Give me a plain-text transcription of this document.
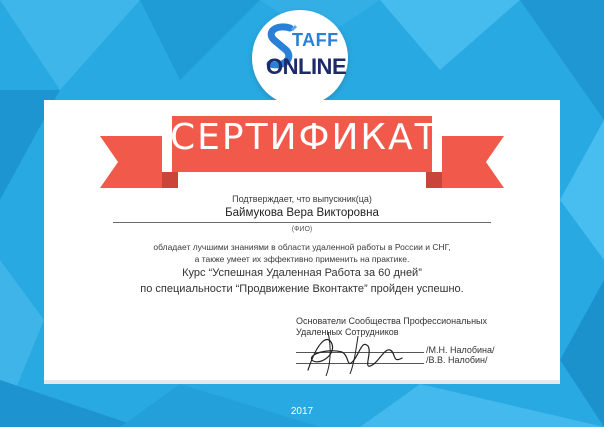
TAFF
ONLINE
СЕРТИФИКАТ
Подтверждает, что выпускник(ца)
Баймукова Вера Викторовна
(ФИО)
обладает лучшими знаниями в области удаленной работы в России и СНГ,
а также умеет их эффективно применить на практике.
Курс “Успешная Удаленная Работа за 60 дней”
по специальности “Продвижение Вконтакте” пройден успешно.
Основатели Сообщества Профессиональных
Удаленных Сотрудников
/М.Н. Налобина/
/В.В. Налобин/
2017
